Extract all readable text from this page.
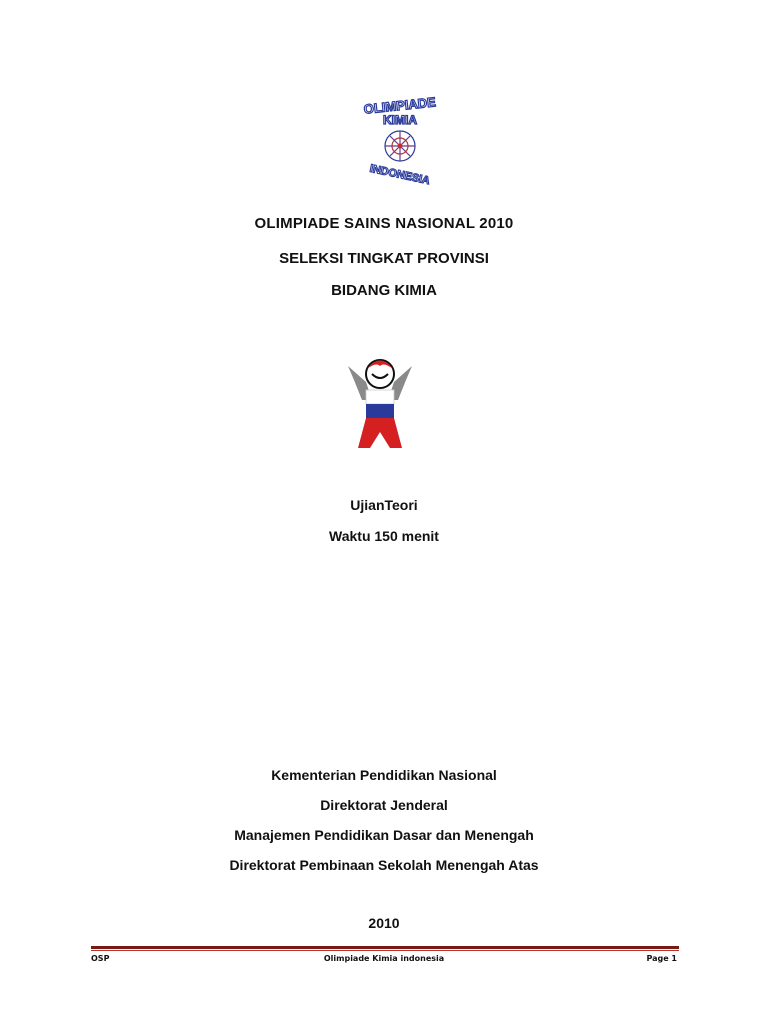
OLIMPIADE
KIMIA
INDONESIA
OLIMPIADE SAINS NASIONAL 2010
SELEKSI TINGKAT PROVINSI
BIDANG KIMIA
UjianTeori
Waktu 150 menit
Kementerian Pendidikan Nasional
Direktorat Jenderal
Manajemen Pendidikan Dasar dan Menengah
Direktorat Pembinaan Sekolah Menengah Atas
2010
OSP	Olimpiade Kimia indonesia	Page 1
